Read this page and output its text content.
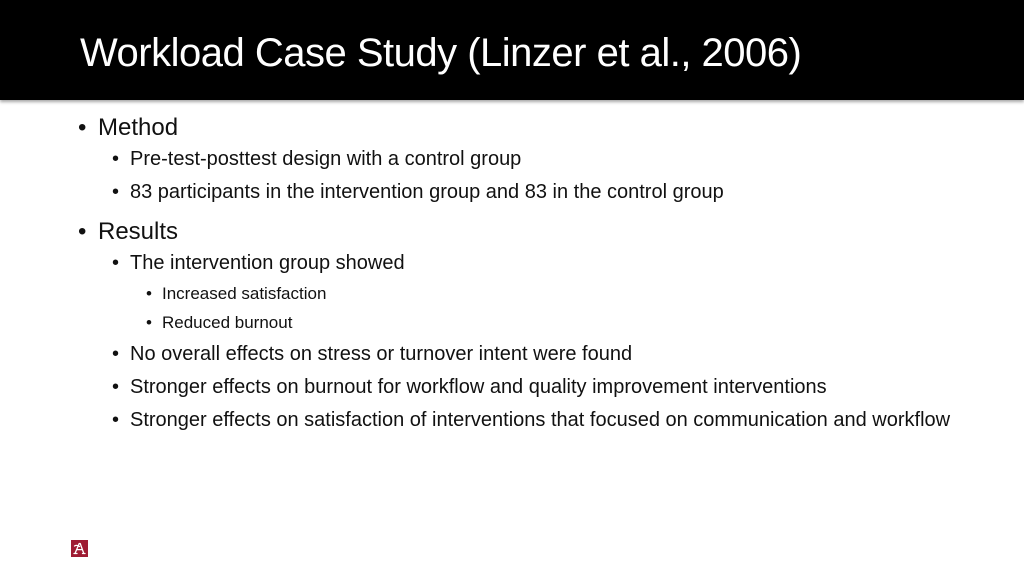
Workload Case Study (Linzer et al., 2006)
• Method
• Pre-test-posttest design with a control group
• 83 participants in the intervention group and 83 in the control group
• Results
• The intervention group showed
• Increased satisfaction
• Reduced burnout
• No overall effects on stress or turnover intent were found
• Stronger effects on burnout for workflow and quality improvement interventions
• Stronger effects on satisfaction of interventions that focused on communication and workflow
